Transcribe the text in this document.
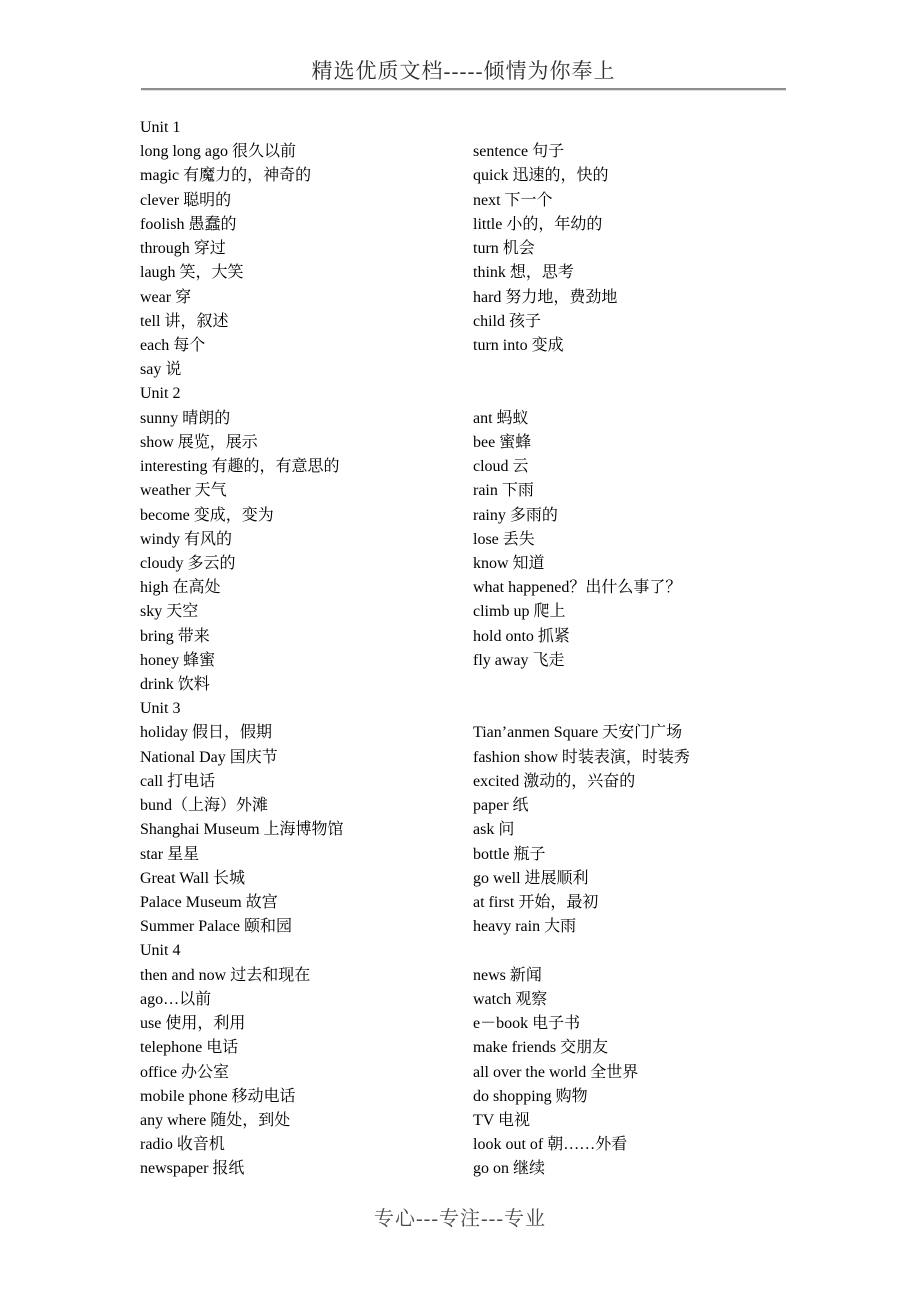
精选优质文档-----倾情为你奉上
Unit 1
long long ago 很久以前	sentence 句子
magic 有魔力的，神奇的	quick 迅速的，快的
clever 聪明的	next 下一个
foolish 愚蠢的	little 小的，年幼的
through 穿过	turn 机会
laugh 笑，大笑	think 想，思考
wear 穿	hard 努力地，费劲地
tell 讲，叙述	child 孩子
each 每个	turn into 变成
say 说
Unit 2
sunny 晴朗的	ant 蚂蚁
show 展览，展示	bee 蜜蜂
interesting 有趣的，有意思的	cloud 云
weather 天气	rain 下雨
become 变成，变为	rainy 多雨的
windy 有风的	lose 丢失
cloudy 多云的	know 知道
high 在高处	what happened？出什么事了？
sky 天空	climb up 爬上
bring 带来	hold onto 抓紧
honey 蜂蜜	fly away 飞走
drink 饮料
Unit 3
holiday 假日，假期	Tian’anmen Square 天安门广场
National Day 国庆节	fashion show 时装表演，时装秀
call 打电话	excited 激动的，兴奋的
bund（上海）外滩	paper 纸
Shanghai Museum 上海博物馆	ask 问
star 星星	bottle 瓶子
Great Wall 长城	go well 进展顺利
Palace Museum 故宫	at first 开始，最初
Summer Palace 颐和园	heavy rain 大雨
Unit 4
then and now 过去和现在	news 新闻
ago…以前	watch 观察
use 使用，利用	e－book 电子书
telephone 电话	make friends 交朋友
office 办公室	all over the world 全世界
mobile phone 移动电话	do shopping 购物
any where 随处，到处	TV 电视
radio 收音机	look out of 朝……外看
newspaper 报纸	go on 继续
专心---专注---专业
